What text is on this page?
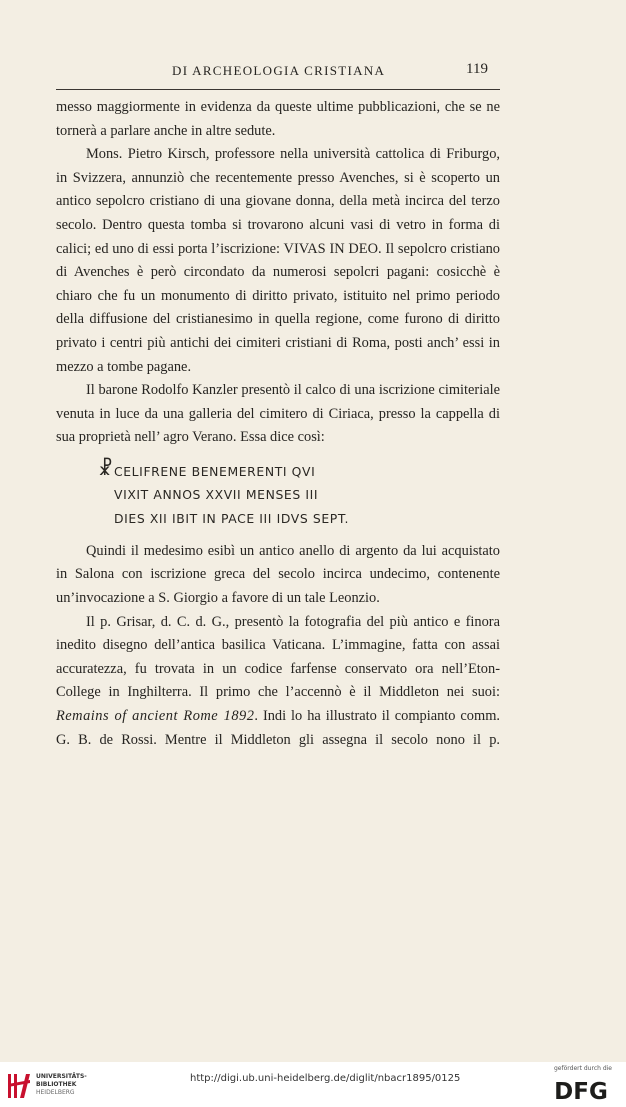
DI ARCHEOLOGIA CRISTIANA	119

messo maggiormente in evidenza da queste ultime pubblicazioni, che se ne tornerà a parlare anche in altre sedute.

Mons. Pietro Kirsch, professore nella università cattolica di Friburgo, in Svizzera, annunziò che recentemente presso Avenches, si è scoperto un antico sepolcro cristiano di una giovane donna, della metà incirca del terzo secolo. Dentro questa tomba si trovarono alcuni vasi di vetro in forma di calici; ed uno di essi porta l’iscrizione: VIVAS IN DEO. Il sepolcro cristiano di Avenches è però circondato da numerosi sepolcri pagani: cosicchè è chiaro che fu un monumento di diritto privato, istituito nel primo periodo della diffusione del cristianesimo in quella regione, come furono di diritto privato i centri più antichi dei cimiteri cristiani di Roma, posti anch’ essi in mezzo a tombe pagane.

Il barone Rodolfo Kanzler presentò il calco di una iscrizione cimiteriale venuta in luce da una galleria del cimitero di Ciriaca, presso la cappella di sua proprietà nell’ agro Verano. Essa dice così:

☧ CELIFRENE BENEMERENTI QVI
VIXIT ANNOS XXVII MENSES III
DIES XII IBIT IN PACE III IDVS SEPT.

Quindi il medesimo esibì un antico anello di argento da lui acquistato in Salona con iscrizione greca del secolo incirca undecimo, contenente un’invocazione a S. Giorgio a favore di un tale Leonzio.

Il p. Grisar, d. C. d. G., presentò la fotografia del più antico e finora inedito disegno dell’antica basilica Vaticana. L’immagine, fatta con assai accuratezza, fu trovata in un codice farfense conservato ora nell’Eton-College in Inghilterra. Il primo che l’accennò è il Middleton nei suoi: Remains of ancient Rome 1892. Indi lo ha illustrato il compianto comm. G. B. de Rossi. Mentre il Middleton gli assegna il secolo nono il p.

UNIVERSITÄTS-
BIBLIOTHEK
HEIDELBERG
http://digi.ub.uni-heidelberg.de/diglit/nbacr1895/0125
gefördert durch die
DFG
